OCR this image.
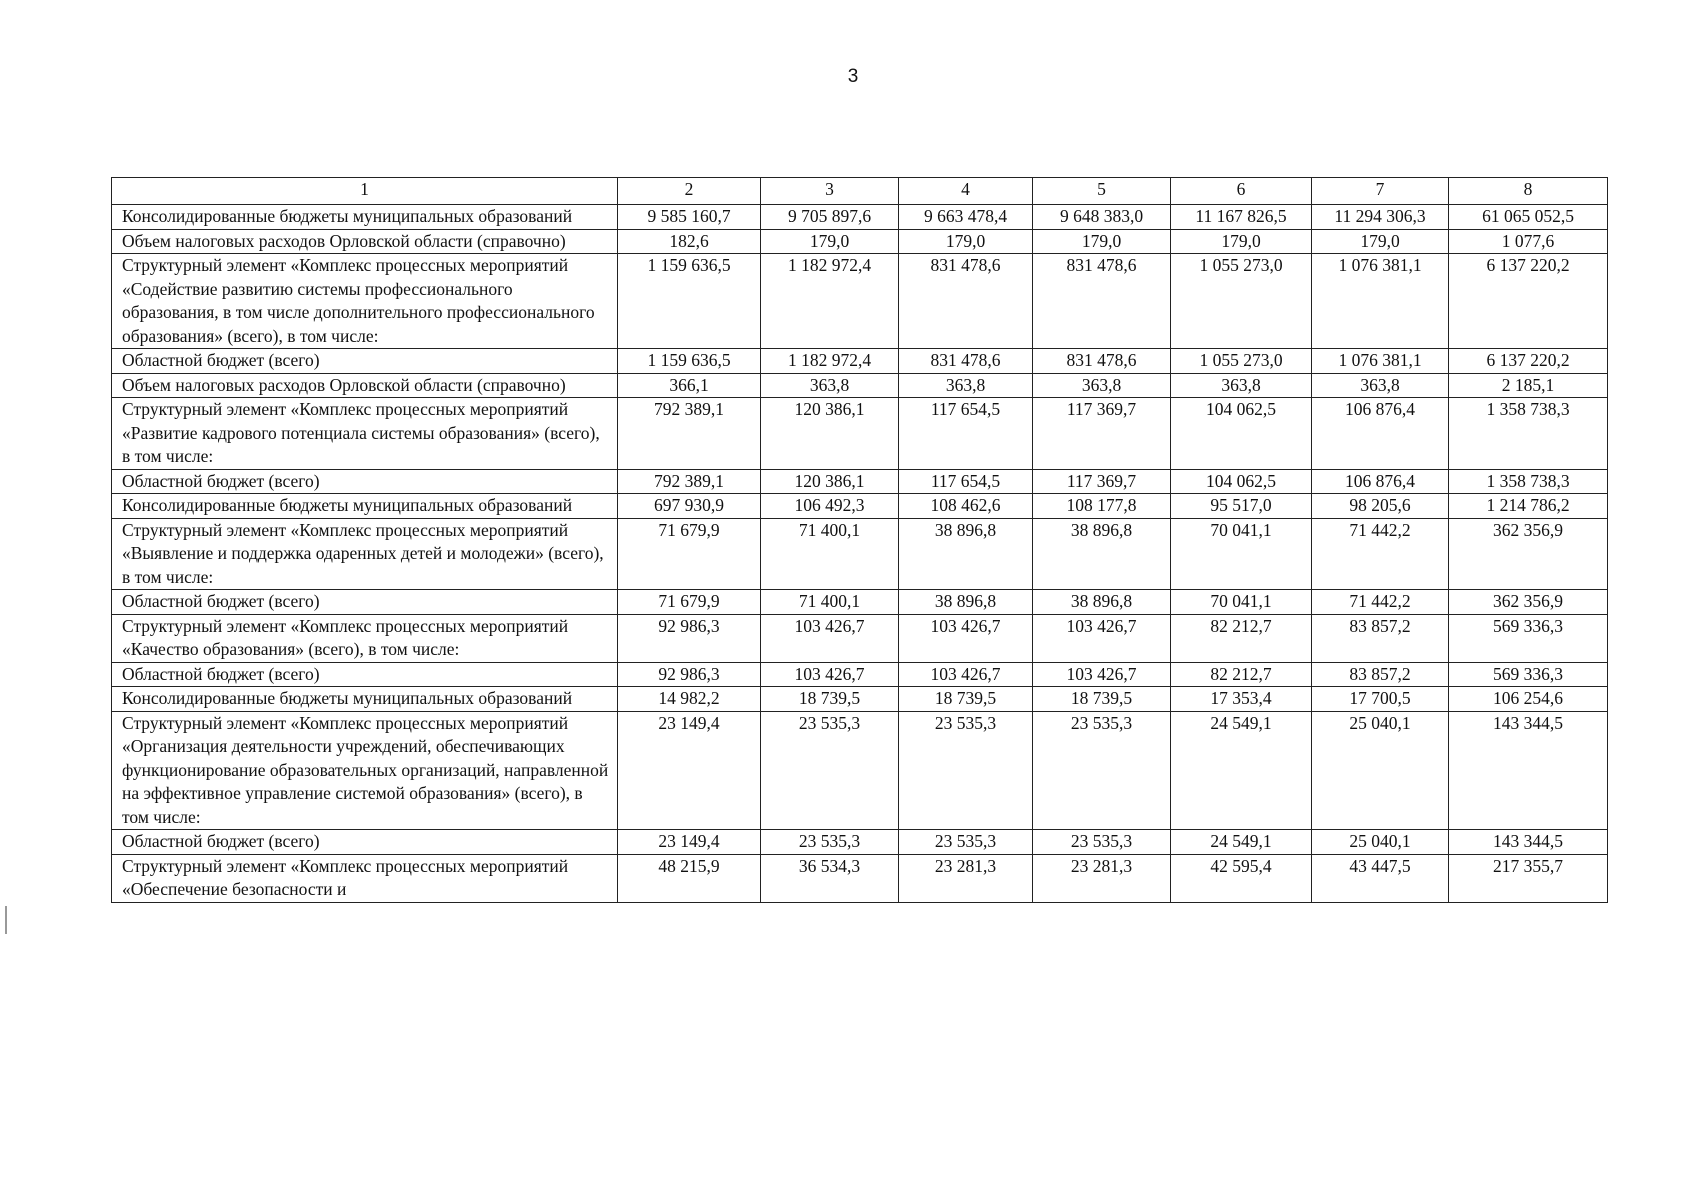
3
1	2	3	4	5	6	7	8
Консолидированные бюджеты муниципальных образований	9 585 160,7	9 705 897,6	9 663 478,4	9 648 383,0	11 167 826,5	11 294 306,3	61 065 052,5
Объем налоговых расходов Орловской области (справочно)	182,6	179,0	179,0	179,0	179,0	179,0	1 077,6
Структурный элемент «Комплекс процессных мероприятий «Содействие развитию системы профессионального образования, в том числе дополнительного профессионального образования» (всего), в том числе:	1 159 636,5	1 182 972,4	831 478,6	831 478,6	1 055 273,0	1 076 381,1	6 137 220,2
Областной бюджет (всего)	1 159 636,5	1 182 972,4	831 478,6	831 478,6	1 055 273,0	1 076 381,1	6 137 220,2
Объем налоговых расходов Орловской области (справочно)	366,1	363,8	363,8	363,8	363,8	363,8	2 185,1
Структурный элемент «Комплекс процессных мероприятий «Развитие кадрового потенциала системы образования» (всего), в том числе:	792 389,1	120 386,1	117 654,5	117 369,7	104 062,5	106 876,4	1 358 738,3
Областной бюджет (всего)	792 389,1	120 386,1	117 654,5	117 369,7	104 062,5	106 876,4	1 358 738,3
Консолидированные бюджеты муниципальных образований	697 930,9	106 492,3	108 462,6	108 177,8	95 517,0	98 205,6	1 214 786,2
Структурный элемент «Комплекс процессных мероприятий «Выявление и поддержка одаренных детей и молодежи» (всего), в том числе:	71 679,9	71 400,1	38 896,8	38 896,8	70 041,1	71 442,2	362 356,9
Областной бюджет (всего)	71 679,9	71 400,1	38 896,8	38 896,8	70 041,1	71 442,2	362 356,9
Структурный элемент «Комплекс процессных мероприятий «Качество образования» (всего), в том числе:	92 986,3	103 426,7	103 426,7	103 426,7	82 212,7	83 857,2	569 336,3
Областной бюджет (всего)	92 986,3	103 426,7	103 426,7	103 426,7	82 212,7	83 857,2	569 336,3
Консолидированные бюджеты муниципальных образований	14 982,2	18 739,5	18 739,5	18 739,5	17 353,4	17 700,5	106 254,6
Структурный элемент «Комплекс процессных мероприятий «Организация деятельности учреждений, обеспечивающих функционирование образовательных организаций, направленной на эффективное управление системой образования» (всего), в том числе:	23 149,4	23 535,3	23 535,3	23 535,3	24 549,1	25 040,1	143 344,5
Областной бюджет (всего)	23 149,4	23 535,3	23 535,3	23 535,3	24 549,1	25 040,1	143 344,5
Структурный элемент «Комплекс процессных мероприятий «Обеспечение безопасности и	48 215,9	36 534,3	23 281,3	23 281,3	42 595,4	43 447,5	217 355,7
